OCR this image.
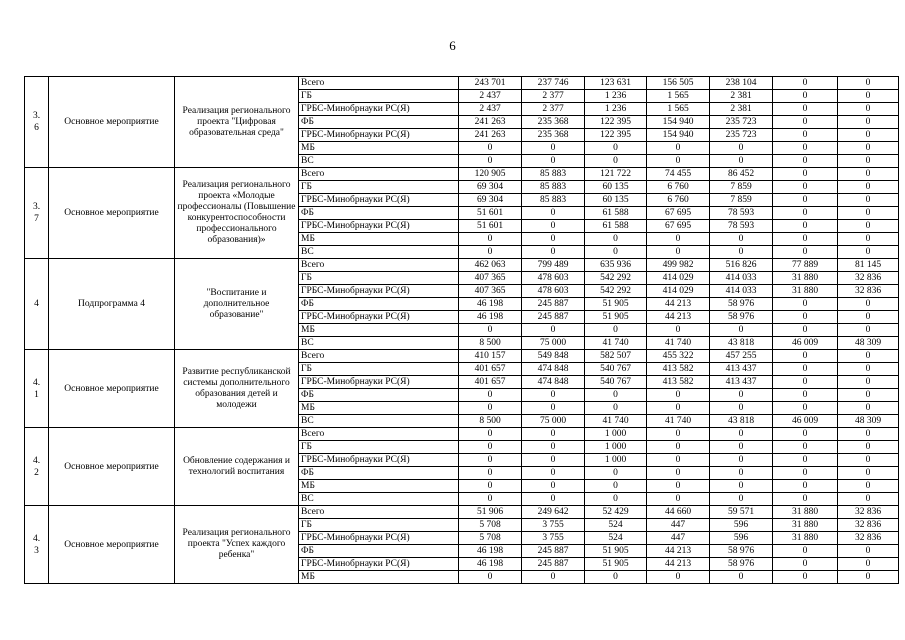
6
3.
6	Основное мероприятие	Реализация регионального проекта "Цифровая образовательная среда"	Всего	243 701	237 746	123 631	156 505	238 104	0	0
			ГБ	2 437	2 377	1 236	1 565	2 381	0	0
			ГРБС-Минобрнауки РС(Я)	2 437	2 377	1 236	1 565	2 381	0	0
			ФБ	241 263	235 368	122 395	154 940	235 723	0	0
			ГРБС-Минобрнауки РС(Я)	241 263	235 368	122 395	154 940	235 723	0	0
			МБ	0	0	0	0	0	0	0
			ВС	0	0	0	0	0	0	0
3.
7	Основное мероприятие	Реализация регионального проекта «Молодые профессионалы (Повышение конкурентоспособности профессионального образования)»	Всего	120 905	85 883	121 722	74 455	86 452	0	0
			ГБ	69 304	85 883	60 135	6 760	7 859	0	0
			ГРБС-Минобрнауки РС(Я)	69 304	85 883	60 135	6 760	7 859	0	0
			ФБ	51 601	0	61 588	67 695	78 593	0	0
			ГРБС-Минобрнауки РС(Я)	51 601	0	61 588	67 695	78 593	0	0
			МБ	0	0	0	0	0	0	0
			ВС	0	0	0	0	0	0	0
4	Подпрограмма 4	"Воспитание и дополнительное образование"	Всего	462 063	799 489	635 936	499 982	516 826	77 889	81 145
			ГБ	407 365	478 603	542 292	414 029	414 033	31 880	32 836
			ГРБС-Минобрнауки РС(Я)	407 365	478 603	542 292	414 029	414 033	31 880	32 836
			ФБ	46 198	245 887	51 905	44 213	58 976	0	0
			ГРБС-Минобрнауки РС(Я)	46 198	245 887	51 905	44 213	58 976	0	0
			МБ	0	0	0	0	0	0	0
			ВС	8 500	75 000	41 740	41 740	43 818	46 009	48 309
4.
1	Основное мероприятие	Развитие республиканской системы дополнительного образования детей и молодежи	Всего	410 157	549 848	582 507	455 322	457 255	0	0
			ГБ	401 657	474 848	540 767	413 582	413 437	0	0
			ГРБС-Минобрнауки РС(Я)	401 657	474 848	540 767	413 582	413 437	0	0
			ФБ	0	0	0	0	0	0	0
			МБ	0	0	0	0	0	0	0
			ВС	8 500	75 000	41 740	41 740	43 818	46 009	48 309
4.
2	Основное мероприятие	Обновление содержания и технологий воспитания	Всего	0	0	1 000	0	0	0	0
			ГБ	0	0	1 000	0	0	0	0
			ГРБС-Минобрнауки РС(Я)	0	0	1 000	0	0	0	0
			ФБ	0	0	0	0	0	0	0
			МБ	0	0	0	0	0	0	0
			ВС	0	0	0	0	0	0	0
4.
3	Основное мероприятие	Реализация регионального проекта "Успех каждого ребенка"	Всего	51 906	249 642	52 429	44 660	59 571	31 880	32 836
			ГБ	5 708	3 755	524	447	596	31 880	32 836
			ГРБС-Минобрнауки РС(Я)	5 708	3 755	524	447	596	31 880	32 836
			ФБ	46 198	245 887	51 905	44 213	58 976	0	0
			ГРБС-Минобрнауки РС(Я)	46 198	245 887	51 905	44 213	58 976	0	0
			МБ	0	0	0	0	0	0	0
